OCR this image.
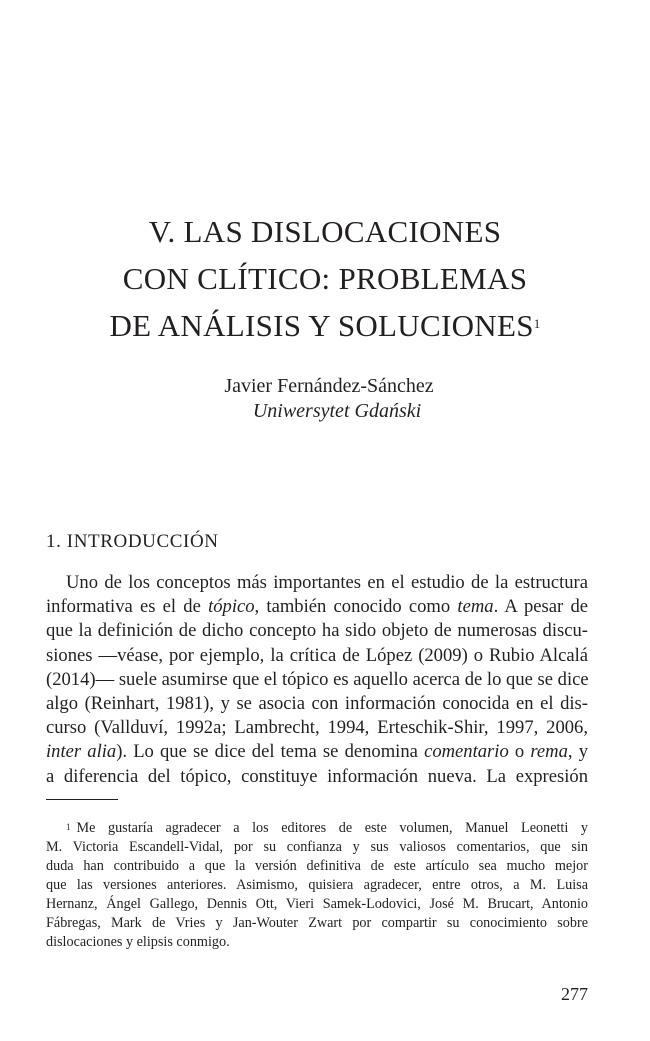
V. LAS DISLOCACIONES
CON CLÍTICO: PROBLEMAS
DE ANÁLISIS Y SOLUCIONES$^1$
Javier Fernández-Sánchez
Uniwersytet Gdański
1. INTRODUCCIÓN
Uno de los conceptos más importantes en el estudio de la estructura
informativa es el de tópico, también conocido como tema. A pesar de
que la definición de dicho concepto ha sido objeto de numerosas discu-
siones —véase, por ejemplo, la crítica de López (2009) o Rubio Alcalá
(2014)— suele asumirse que el tópico es aquello acerca de lo que se dice
algo (Reinhart, 1981), y se asocia con información conocida en el dis-
curso (Vallduví, 1992a; Lambrecht, 1994, Erteschik-Shir, 1997, 2006,
inter alia). Lo que se dice del tema se denomina comentario o rema, y
a diferencia del tópico, constituye información nueva. La expresión
$^1$ Me gustaría agradecer a los editores de este volumen, Manuel Leonetti y
M. Victoria Escandell-Vidal, por su confianza y sus valiosos comentarios, que sin
duda han contribuido a que la versión definitiva de este artículo sea mucho mejor
que las versiones anteriores. Asimismo, quisiera agradecer, entre otros, a M. Luisa
Hernanz, Ángel Gallego, Dennis Ott, Vieri Samek-Lodovici, José M. Brucart, Antonio
Fábregas, Mark de Vries y Jan-Wouter Zwart por compartir su conocimiento sobre
dislocaciones y elipsis conmigo.
277
